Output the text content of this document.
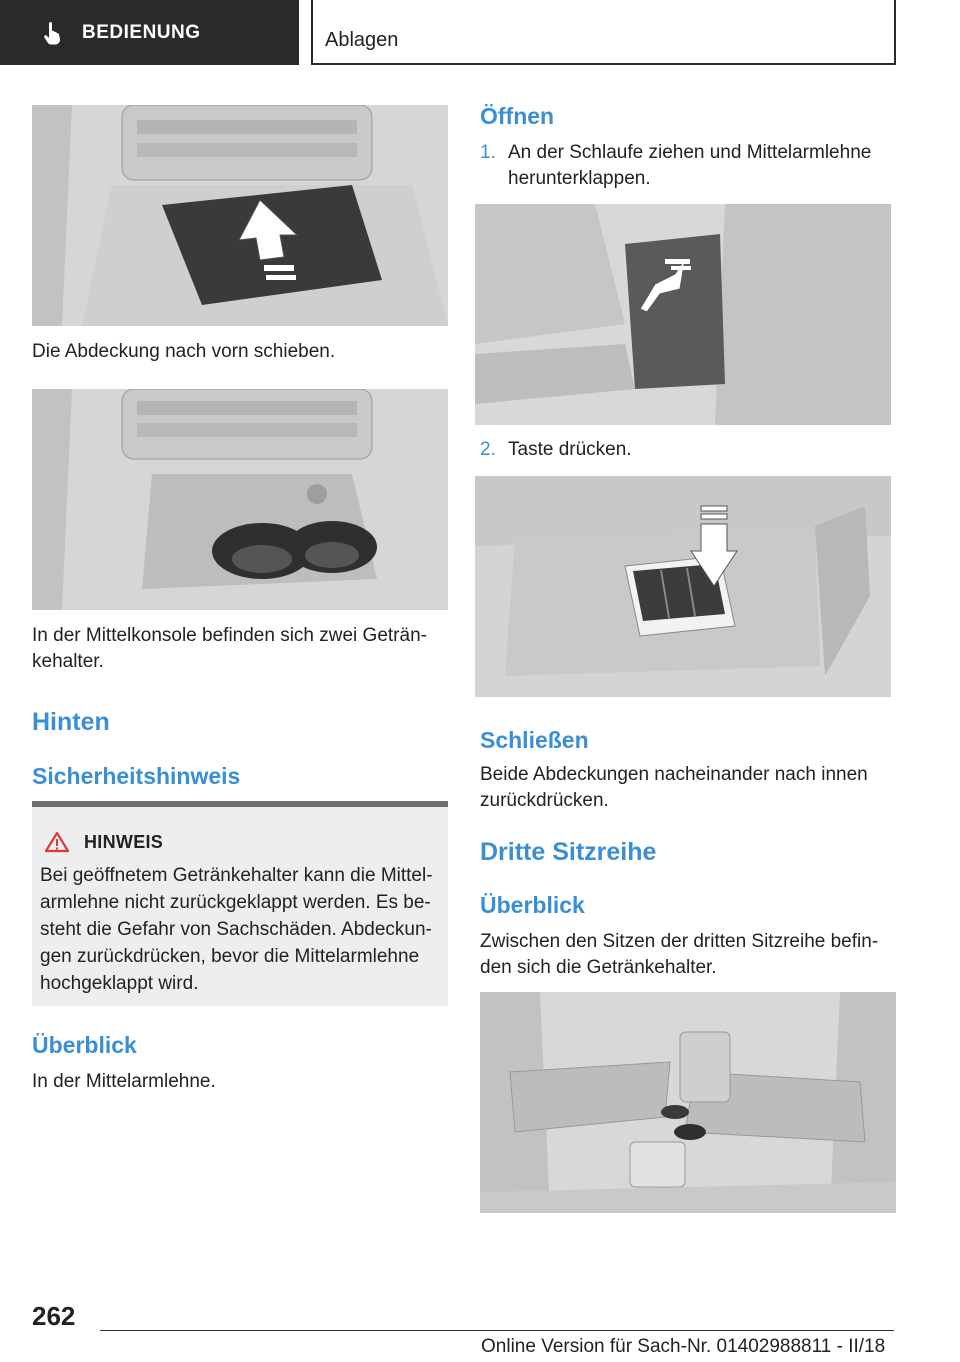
BEDIENUNG	Ablagen
Die Abdeckung nach vorn schieben.
In der Mittelkonsole befinden sich zwei Geträn-
kehalter.
Hinten
Sicherheitshinweis
HINWEIS
Bei geöffnetem Getränkehalter kann die Mittel-
armlehne nicht zurückgeklappt werden. Es be-
steht die Gefahr von Sachschäden. Abdeckun-
gen zurückdrücken, bevor die Mittelarmlehne
hochgeklappt wird.
Überblick
In der Mittelarmlehne.
Öffnen
1. An der Schlaufe ziehen und Mittelarmlehne
herunterklappen.
2. Taste drücken.
Schließen
Beide Abdeckungen nacheinander nach innen
zurückdrücken.
Dritte Sitzreihe
Überblick
Zwischen den Sitzen der dritten Sitzreihe befin-
den sich die Getränkehalter.
262
Online Version für Sach-Nr. 01402988811 - II/18
